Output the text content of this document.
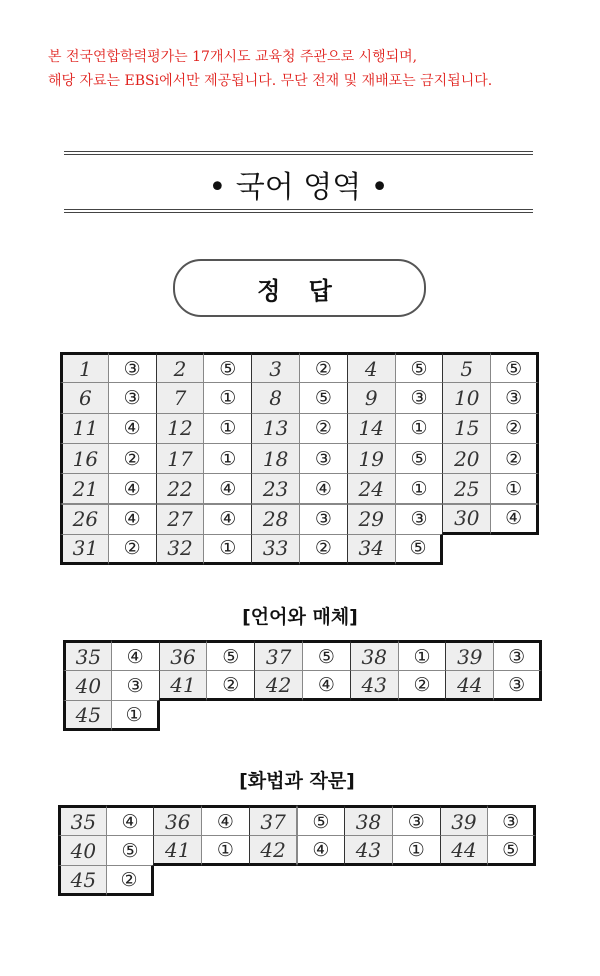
본 전국연합학력평가는 17개시도 교육청 주관으로 시행되며,
해당 자료는 EBSi에서만 제공됩니다. 무단 전재 및 재배포는 금지됩니다.
• 국어 영역 •
정 답
1	③	2	⑤	3	②	4	⑤	5	⑤
6	③	7	①	8	⑤	9	③	10	③
11	④	12	①	13	②	14	①	15	②
16	②	17	①	18	③	19	⑤	20	②
21	④	22	④	23	④	24	①	25	①
26	④	27	④	28	③	29	③	30	④
31	②	32	①	33	②	34	⑤
[언어와 매체]
35	④	36	⑤	37	⑤	38	①	39	③
40	③	41	②	42	④	43	②	44	③
45	①
[화법과 작문]
35	④	36	④	37	⑤	38	③	39	③
40	⑤	41	①	42	④	43	①	44	⑤
45	②
